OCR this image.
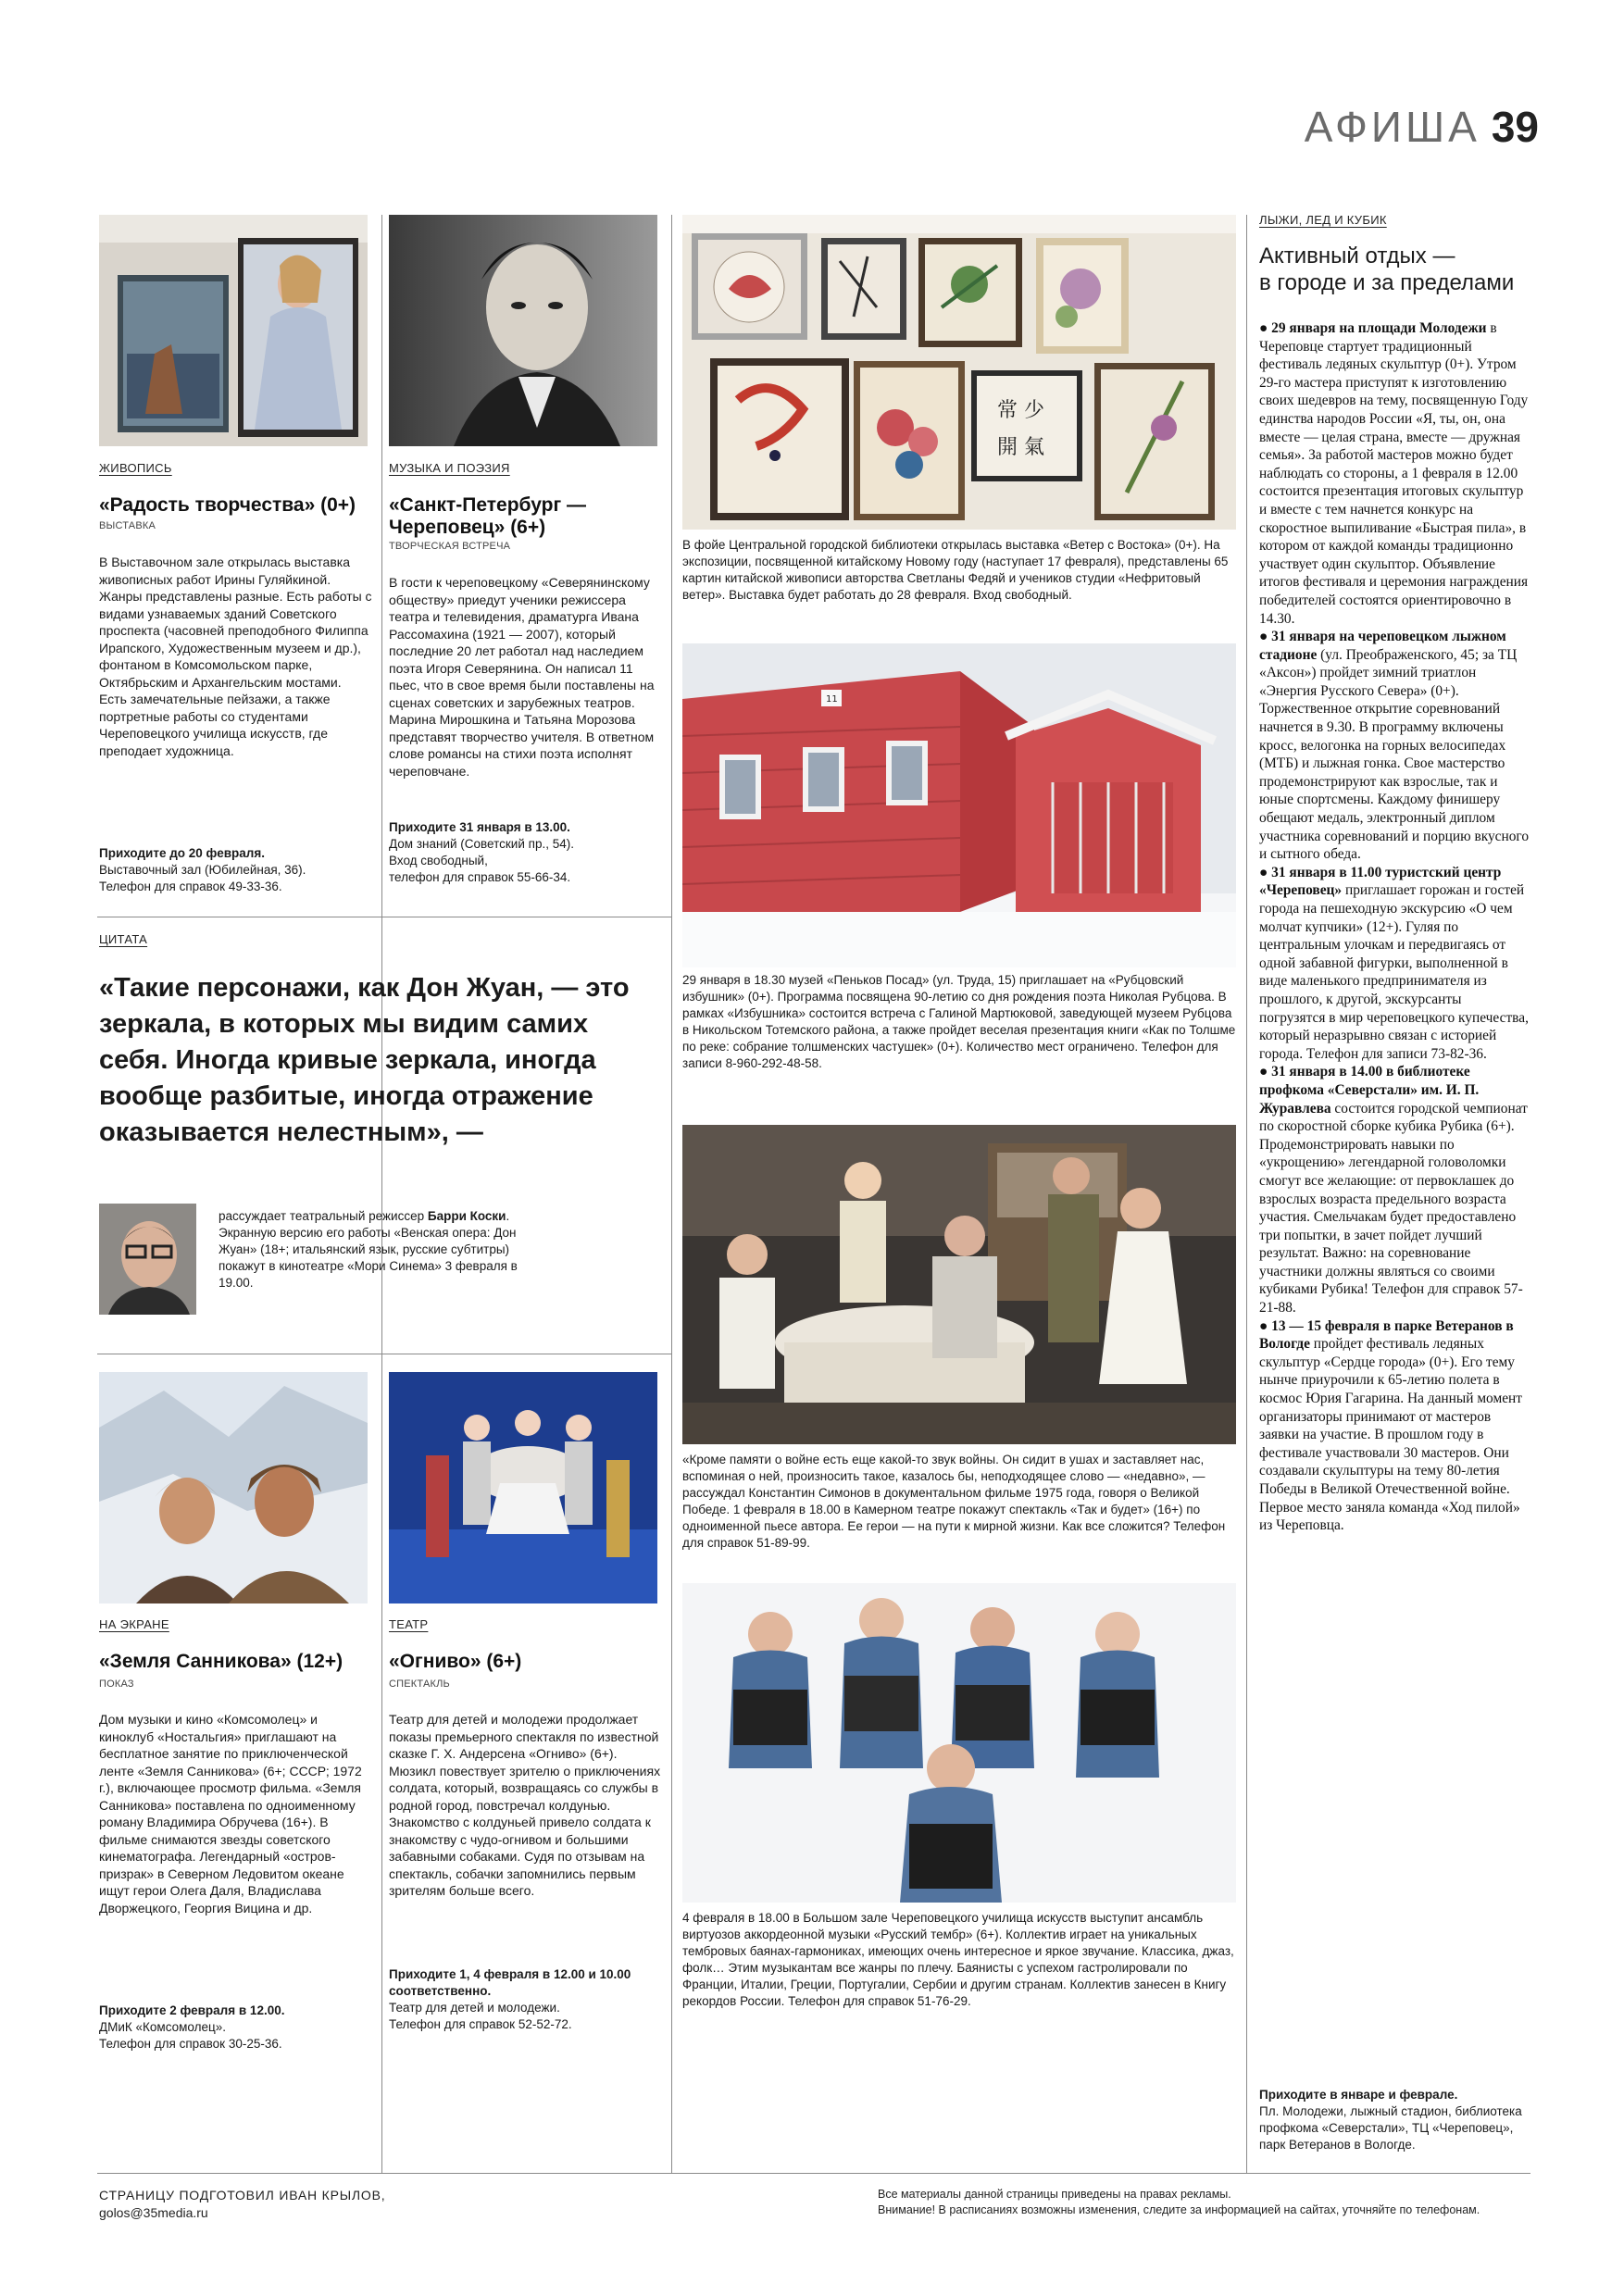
АФИША 39
ЖИВОПИСЬ
«Радость творчества» (0+)
ВЫСТАВКА
В Выставочном зале открылась выставка живописных работ Ирины Гуляйкиной. Жанры представлены разные. Есть работы с видами узнаваемых зданий Советского проспекта (часовней преподобного Филиппа Ирапского, Художественным музеем и др.), фонтаном в Комсомольском парке, Октябрьским и Архангельским мостами. Есть замечательные пейзажи, а также портретные работы со студентами Череповецкого училища искусств, где преподает художница.
Приходите до 20 февраля.
Выставочный зал (Юбилейная, 36).
Телефон для справок 49-33-36.
МУЗЫКА И ПОЭЗИЯ
«Санкт-Петербург — Череповец» (6+)
ТВОРЧЕСКАЯ ВСТРЕЧА
В гости к череповецкому «Северянинскому обществу» приедут ученики режиссера театра и телевидения, драматурга Ивана Рассомахина (1921 — 2007), который последние 20 лет работал над наследием поэта Игоря Северянина. Он написал 11 пьес, что в свое время были поставлены на сценах советских и зарубежных театров. Марина Мирошкина и Татьяна Морозова представят творчество учителя. В ответном слове романсы на стихи поэта исполнят череповчане.
Приходите 31 января в 13.00.
Дом знаний (Советский пр., 54).
Вход свободный,
телефон для справок 55-66-34.
ЦИТАТА
«Такие персонажи, как Дон Жуан, — это зеркала, в которых мы видим самих себя. Иногда кривые зеркала, иногда вообще разбитые, иногда отражение оказывается нелестным», —
рассуждает театральный режиссер Барри Коски. Экранную версию его работы «Венская опера: Дон Жуан» (18+; итальянский язык, русские субтитры) покажут в кинотеатре «Мори Синема» 3 февраля в 19.00.
НА ЭКРАНЕ
«Земля Санникова» (12+)
ПОКАЗ
Дом музыки и кино «Комсомолец» и киноклуб «Ностальгия» приглашают на бесплатное занятие по приключенческой ленте «Земля Санникова» (6+; СССР; 1972 г.), включающее просмотр фильма. «Земля Санникова» поставлена по одноименному роману Владимира Обручева (16+). В фильме снимаются звезды советского кинематографа. Легендарный «остров-призрак» в Северном Ледовитом океане ищут герои Олега Даля, Владислава Дворжецкого, Георгия Вицина и др.
Приходите 2 февраля в 12.00.
ДМиК «Комсомолец».
Телефон для справок 30-25-36.
ТЕАТР
«Огниво» (6+)
СПЕКТАКЛЬ
Театр для детей и молодежи продолжает показы премьерного спектакля по известной сказке Г. Х. Андерсена «Огниво» (6+). Мюзикл повествует зрителю о приключениях солдата, который, возвращаясь со службы в родной город, повстречал колдунью. Знакомство с колдуньей привело солдата к знакомству с чудо-огнивом и большими забавными собаками. Судя по отзывам на спектакль, собачки запомнились первым зрителям больше всего.
Приходите 1, 4 февраля в 12.00 и 10.00 соответственно.
Театр для детей и молодежи.
Телефон для справок 52-52-72.
常 少
開 氣
В фойе Центральной городской библиотеки открылась выставка «Ветер с Востока» (0+). На экспозиции, посвященной китайскому Новому году (наступает 17 февраля), представлены 65 картин китайской живописи авторства Светланы Федяй и учеников студии «Нефритовый ветер». Выставка будет работать до 28 февраля. Вход свободный.
11
29 января в 18.30 музей «Пеньков Посад» (ул. Труда, 15) приглашает на «Рубцовский избушник» (0+). Программа посвящена 90-летию со дня рождения поэта Николая Рубцова. В рамках «Избушника» состоится встреча с Галиной Мартюковой, заведующей музеем Рубцова в Никольском Тотемского района, а также пройдет веселая презентация книги «Как по Толшме по реке: собрание толшменских частушек» (0+). Количество мест ограничено. Телефон для записи 8-960-292-48-58.
«Кроме памяти о войне есть еще какой-то звук войны. Он сидит в ушах и заставляет нас, вспоминая о ней, произносить такое, казалось бы, неподходящее слово — «недавно», — рассуждал Константин Симонов в документальном фильме 1975 года, говоря о Великой Победе. 1 февраля в 18.00 в Камерном театре покажут спектакль «Так и будет» (16+) по одноименной пьесе автора. Ее герои — на пути к мирной жизни. Как все сложится? Телефон для справок 51-89-99.
4 февраля в 18.00 в Большом зале Череповецкого училища искусств выступит ансамбль виртуозов аккордеонной музыки «Русский тембр» (6+). Коллектив играет на уникальных тембровых баянах-гармониках, имеющих очень интересное и яркое звучание. Классика, джаз, фолк… Этим музыкантам все жанры по плечу. Баянисты с успехом гастролировали по Франции, Италии, Греции, Португалии, Сербии и другим странам. Коллектив занесен в Книгу рекордов России. Телефон для справок 51-76-29.
ЛЫЖИ, ЛЕД И КУБИК
Активный отдых —
в городе и за пределами

● 29 января на площади Молодежи в Череповце стартует традиционный фестиваль ледяных скульптур (0+). Утром 29-го мастера приступят к изготовлению своих шедевров на тему, посвященную Году единства народов России «Я, ты, он, она вместе — целая страна, вместе — дружная семья». За работой мастеров можно будет наблюдать со стороны, а 1 февраля в 12.00 состоится презентация итоговых скульптур и вместе с тем начнется конкурс на скоростное выпиливание «Быстрая пила», в котором от каждой команды традиционно участвует один скульптор. Объявление итогов фестиваля и церемония награждения победителей состоятся ориентировочно в 14.30.

● 31 января на череповецком лыжном стадионе (ул. Преображенского, 45; за ТЦ «Аксон») пройдет зимний триатлон «Энергия Русского Севера» (0+). Торжественное открытие соревнований начнется в 9.30. В программу включены кросс, велогонка на горных велосипедах (МТБ) и лыжная гонка. Свое мастерство продемонстрируют как взрослые, так и юные спортсмены. Каждому финишеру обещают медаль, электронный диплом участника соревнований и порцию вкусного и сытного обеда.

● 31 января в 11.00 туристский центр «Череповец» приглашает горожан и гостей города на пешеходную экскурсию «О чем молчат купчики» (12+). Гуляя по центральным улочкам и передвигаясь от одной забавной фигурки, выполненной в виде маленького предпринимателя из прошлого, к другой, экскурсанты погрузятся в мир череповецкого купечества, который неразрывно связан с историей города. Телефон для записи 73-82-36.

● 31 января в 14.00 в библиотеке профкома «Северстали» им. И. П. Журавлева состоится городской чемпионат по скоростной сборке кубика Рубика (6+). Продемонстрировать навыки по «укрощению» легендарной головоломки смогут все желающие: от первоклашек до взрослых возраста предельного возраста участия. Смельчакам будет предоставлено три попытки, в зачет пойдет лучший результат. Важно: на соревнование участники должны являться со своими кубиками Рубика! Телефон для справок 57-21-88.

● 13 — 15 февраля в парке Ветеранов в Вологде пройдет фестиваль ледяных скульптур «Сердце города» (0+). Его тему нынче приурочили к 65-летию полета в космос Юрия Гагарина. На данный момент организаторы принимают от мастеров заявки на участие. В прошлом году в фестивале участвовали 30 мастеров. Они создавали скульптуры на тему 80-летия Победы в Великой Отечественной войне. Первое место заняла команда «Ход пилой» из Череповца.

Приходите в январе и феврале.
Пл. Молодежи, лыжный стадион, библиотека профкома «Северстали», ТЦ «Череповец», парк Ветеранов в Вологде.
СТРАНИЦУ ПОДГОТОВИЛ ИВАН КРЫЛОВ,
golos@35media.ru
Все материалы данной страницы приведены на правах рекламы.
Внимание! В расписаниях возможны изменения, следите за информацией на сайтах, уточняйте по телефонам.
